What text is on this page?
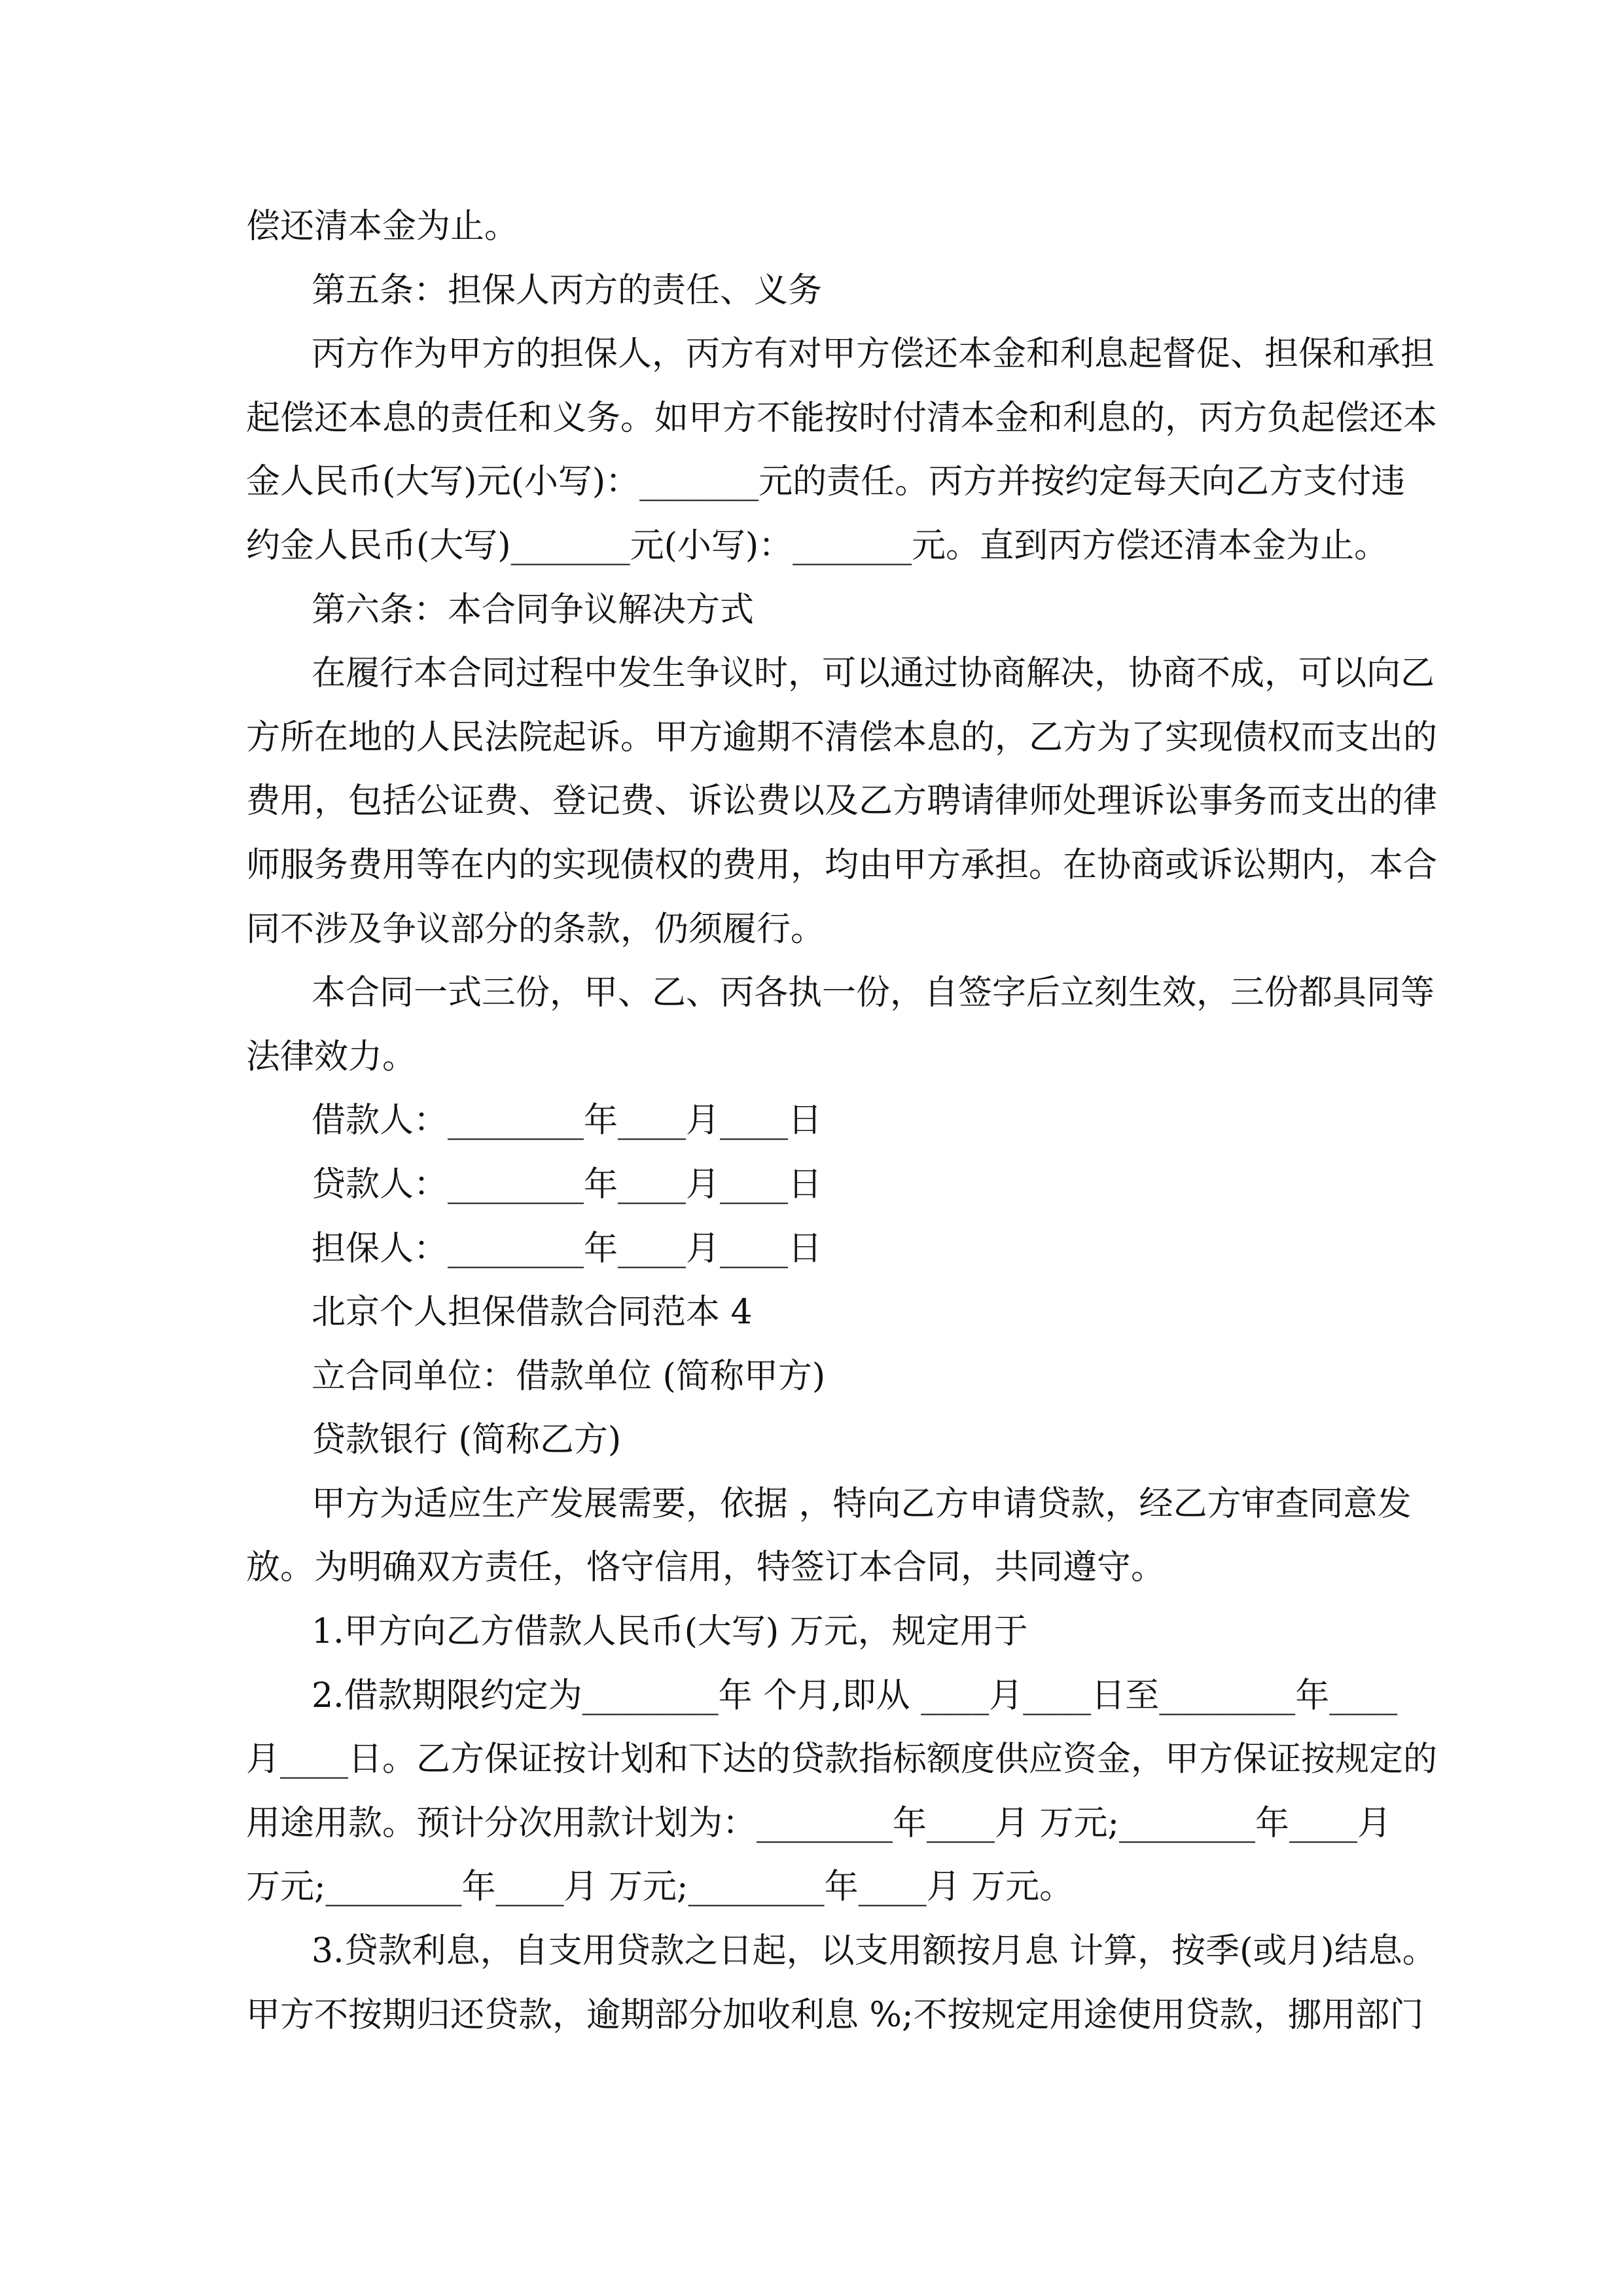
偿还清本金为止。
第五条：担保人丙方的责任、义务
丙方作为甲方的担保人，丙方有对甲方偿还本金和利息起督促、担保和承担
起偿还本息的责任和义务。如甲方不能按时付清本金和利息的，丙方负起偿还本
金人民币(大写)元(小写)：_______元的责任。丙方并按约定每天向乙方支付违
约金人民币(大写)_______元(小写)：_______元。直到丙方偿还清本金为止。
第六条：本合同争议解决方式
在履行本合同过程中发生争议时，可以通过协商解决，协商不成，可以向乙
方所在地的人民法院起诉。甲方逾期不清偿本息的，乙方为了实现债权而支出的
费用，包括公证费、登记费、诉讼费以及乙方聘请律师处理诉讼事务而支出的律
师服务费用等在内的实现债权的费用，均由甲方承担。在协商或诉讼期内，本合
同不涉及争议部分的条款，仍须履行。
本合同一式三份，甲、乙、丙各执一份，自签字后立刻生效，三份都具同等
法律效力。
借款人：________年____月____日
贷款人：________年____月____日
担保人：________年____月____日
北京个人担保借款合同范本 4
立合同单位：借款单位 (简称甲方)
贷款银行 (简称乙方)
甲方为适应生产发展需要，依据 ，特向乙方申请贷款，经乙方审查同意发
放。为明确双方责任，恪守信用，特签订本合同，共同遵守。
1.甲方向乙方借款人民币(大写) 万元，规定用于
2.借款期限约定为________年 个月,即从 ____月____日至________年____
月____日。乙方保证按计划和下达的贷款指标额度供应资金，甲方保证按规定的
用途用款。预计分次用款计划为：________年____月 万元;________年____月
万元;________年____月 万元;________年____月 万元。
3.贷款利息，自支用贷款之日起，以支用额按月息 计算，按季(或月)结息。
甲方不按期归还贷款，逾期部分加收利息 %;不按规定用途使用贷款，挪用部门
